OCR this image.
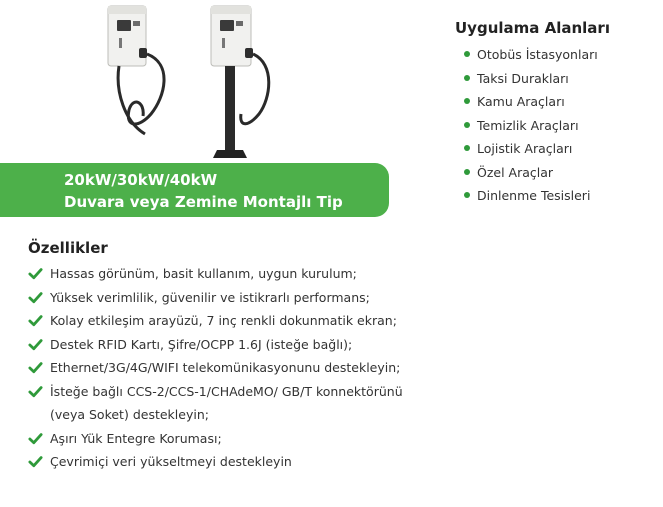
20kW/30kW/40kW
Duvara veya Zemine Montajlı Tip
Uygulama Alanları
Otobüs İstasyonları
Taksi Durakları
Kamu Araçları
Temizlik Araçları
Lojistik Araçları
Özel Araçlar
Dinlenme Tesisleri
Özellikler
Hassas görünüm, basit kullanım, uygun kurulum;
Yüksek verimlilik, güvenilir ve istikrarlı performans;
Kolay etkileşim arayüzü, 7 inç renkli dokunmatik ekran;
Destek RFID Kartı, Şifre/OCPP 1.6J (isteğe bağlı);
Ethernet/3G/4G/WIFI telekomünikasyonunu destekleyin;
İsteğe bağlı CCS-2/CCS-1/CHAdeMO/ GB/T konnektörünü
(veya Soket) destekleyin;
Aşırı Yük Entegre Koruması;
Çevrimiçi veri yükseltmeyi destekleyin
